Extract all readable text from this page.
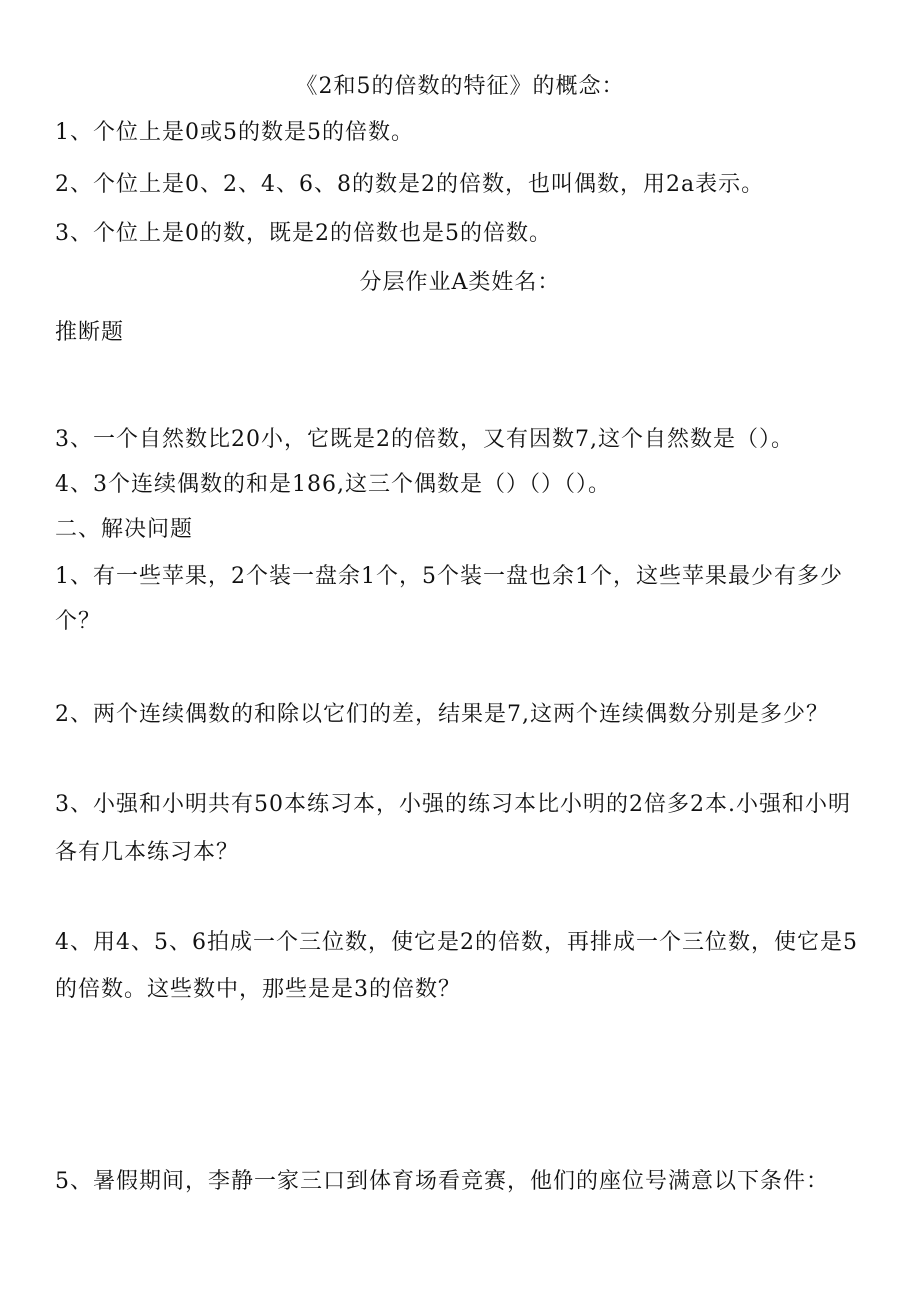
《2和5的倍数的特征》的概念：
1、个位上是0或5的数是5的倍数。
2、个位上是0、2、4、6、8的数是2的倍数，也叫偶数，用2a表示。
3、个位上是0的数，既是2的倍数也是5的倍数。
分层作业A类姓名：
推断题
3、一个自然数比20小，它既是2的倍数，又有因数7,这个自然数是（）。
4、3个连续偶数的和是186,这三个偶数是（）（）（）。
二、解决问题
1、有一些苹果，2个装一盘余1个，5个装一盘也余1个，这些苹果最少有多少
个？
2、两个连续偶数的和除以它们的差，结果是7,这两个连续偶数分别是多少？
3、小强和小明共有50本练习本，小强的练习本比小明的2倍多2本.小强和小明
各有几本练习本？
4、用4、5、6拍成一个三位数，使它是2的倍数，再排成一个三位数，使它是5
的倍数。这些数中，那些是是3的倍数？
5、暑假期间，李静一家三口到体育场看竞赛，他们的座位号满意以下条件：
